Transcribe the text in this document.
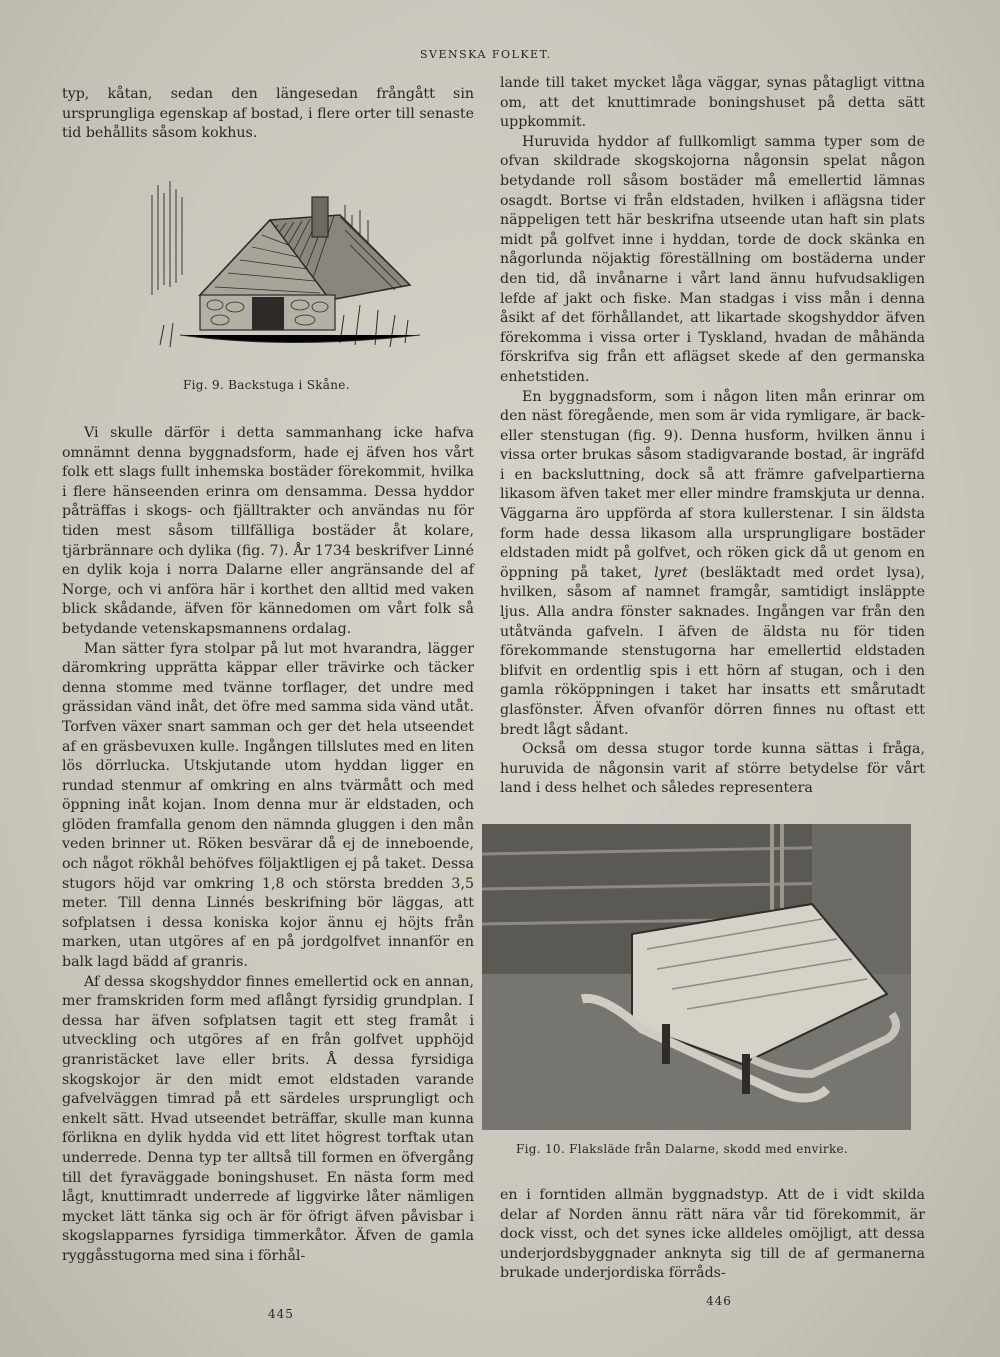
SVENSKA FOLKET.

typ, kåtan, sedan den längesedan frångått sin ursprungliga egenskap af bostad, i flere orter till senaste tid behållits såsom kokhus.

Fig. 9. Backstuga i Skåne.

Vi skulle därför i detta sammanhang icke hafva omnämnt denna byggnadsform, hade ej äfven hos vårt folk ett slags fullt inhemska bostäder förekommit, hvilka i flere hänseenden erinra om densamma. Dessa hyddor påträffas i skogs- och fjälltrakter och användas nu för tiden mest såsom tillfälliga bostäder åt kolare, tjärbrännare och dylika (fig. 7). År 1734 beskrifver Linné en dylik koja i norra Dalarne eller angränsande del af Norge, och vi anföra här i korthet den alltid med vaken blick skådande, äfven för kännedomen om vårt folk så betydande vetenskapsmannens ordalag.

Man sätter fyra stolpar på lut mot hvarandra, lägger däromkring upprätta käppar eller trävirke och täcker denna stomme med tvänne torflager, det undre med grässidan vänd inåt, det öfre med samma sida vänd utåt. Torfven växer snart samman och ger det hela utseendet af en gräsbevuxen kulle. Ingången tillslutes med en liten lös dörrlucka. Utskjutande utom hyddan ligger en rundad stenmur af omkring en alns tvärmått och med öppning inåt kojan. Inom denna mur är eldstaden, och glöden framfalla genom den nämnda gluggen i den mån veden brinner ut. Röken besvärar då ej de inneboende, och något rökhål behöfves följaktligen ej på taket. Dessa stugors höjd var omkring 1,8 och största bredden 3,5 meter. Till denna Linnés beskrifning bör läggas, att sofplatsen i dessa koniska kojor ännu ej höjts från marken, utan utgöres af en på jordgolfvet innanför en balk lagd bädd af granris.

Af dessa skogshyddor finnes emellertid ock en annan, mer framskriden form med aflångt fyrsidig grundplan. I dessa har äfven sofplatsen tagit ett steg framåt i utveckling och utgöres af en från golfvet upphöjd granristäcket lave eller brits. Å dessa fyrsidiga skogskojor är den midt emot eldstaden varande gafvelväggen timrad på ett särdeles ursprungligt och enkelt sätt. Hvad utseendet beträffar, skulle man kunna förlikna en dylik hydda vid ett litet högrest torftak utan underrede. Denna typ ter alltså till formen en öfvergång till det fyraväggade boningshuset. En nästa form med lågt, knuttimradt underrede af liggvirke låter nämligen mycket lätt tänka sig och är för öfrigt äfven påvisbar i skogslapparnes fyrsidiga timmerkåtor. Äfven de gamla ryggåsstugorna med sina i förhål-

445

lande till taket mycket låga väggar, synas påtagligt vittna om, att det knuttimrade boningshuset på detta sätt uppkommit.

Huruvida hyddor af fullkomligt samma typer som de ofvan skildrade skogskojorna någonsin spelat någon betydande roll såsom bostäder må emellertid lämnas osagdt. Bortse vi från eldstaden, hvilken i aflägsna tider näppeligen tett här beskrifna utseende utan haft sin plats midt på golfvet inne i hyddan, torde de dock skänka en någorlunda nöjaktig föreställning om bostäderna under den tid, då invånarne i vårt land ännu hufvudsakligen lefde af jakt och fiske. Man stadgas i viss mån i denna åsikt af det förhållandet, att likartade skogshyddor äfven förekomma i vissa orter i Tyskland, hvadan de måhända förskrifva sig från ett aflägset skede af den germanska enhetstiden.

En byggnadsform, som i någon liten mån erinrar om den näst föregående, men som är vida rymligare, är back- eller stenstugan (fig. 9). Denna husform, hvilken ännu i vissa orter brukas såsom stadigvarande bostad, är ingräfd i en backsluttning, dock så att främre gafvelpartierna likasom äfven taket mer eller mindre framskjuta ur denna. Väggarna äro uppförda af stora kullerstenar. I sin äldsta form hade dessa likasom alla ursprungligare bostäder eldstaden midt på golfvet, och röken gick då ut genom en öppning på taket, lyret (besläktadt med ordet lysa), hvilken, såsom af namnet framgår, samtidigt insläppte ljus. Alla andra fönster saknades. Ingången var från den utåtvända gafveln. I äfven de äldsta nu för tiden förekommande stenstugorna har emellertid eldstaden blifvit en ordentlig spis i ett hörn af stugan, och i den gamla rököppningen i taket har insatts ett smårutadt glasfönster. Äfven ofvanför dörren finnes nu oftast ett bredt lågt sådant.

Också om dessa stugor torde kunna sättas i fråga, huruvida de någonsin varit af större betydelse för vårt land i dess helhet och således representera

Fig. 10. Flaksläde från Dalarne, skodd med envirke.

en i forntiden allmän byggnadstyp. Att de i vidt skilda delar af Norden ännu rätt nära vår tid förekommit, är dock visst, och det synes icke alldeles omöjligt, att dessa underjordsbyggnader anknyta sig till de af germanerna brukade underjordiska förråds-

446
